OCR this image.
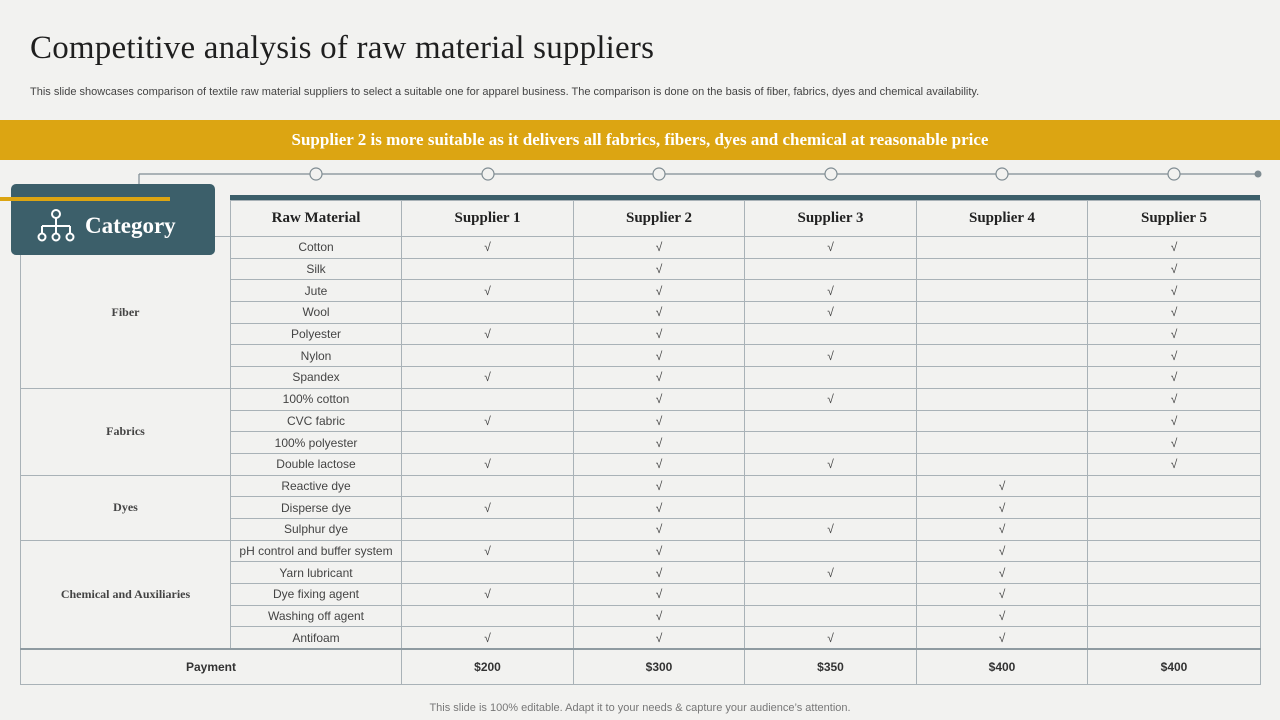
Competitive analysis of raw material suppliers
This slide showcases comparison of textile raw material suppliers to select a suitable one for apparel business. The comparison is done on the basis of fiber, fabrics, dyes and chemical availability.
Supplier 2 is more suitable as it delivers all fabrics, fibers, dyes and chemical at reasonable price
Category
		Raw Material	Supplier 1	Supplier 2	Supplier 3	Supplier 4	Supplier 5
Fiber	Cotton	√	√	√		√
	Silk		√			√
	Jute	√	√	√		√
	Wool		√	√		√
	Polyester	√	√			√
	Nylon		√	√		√
	Spandex	√	√			√
Fabrics	100% cotton		√	√		√
	CVC fabric	√	√			√
	100% polyester		√			√
	Double lactose	√	√	√		√
Dyes	Reactive dye		√		√	
	Disperse dye	√	√		√	
	Sulphur dye		√	√	√	
Chemical and Auxiliaries	pH control and buffer system	√	√		√	
	Yarn lubricant		√	√	√	
	Dye fixing agent	√	√		√	
	Washing off agent		√		√	
	Antifoam	√	√	√	√	
Payment		$200	$300	$350	$400	$400
This slide is 100% editable. Adapt it to your needs & capture your audience’s attention.
